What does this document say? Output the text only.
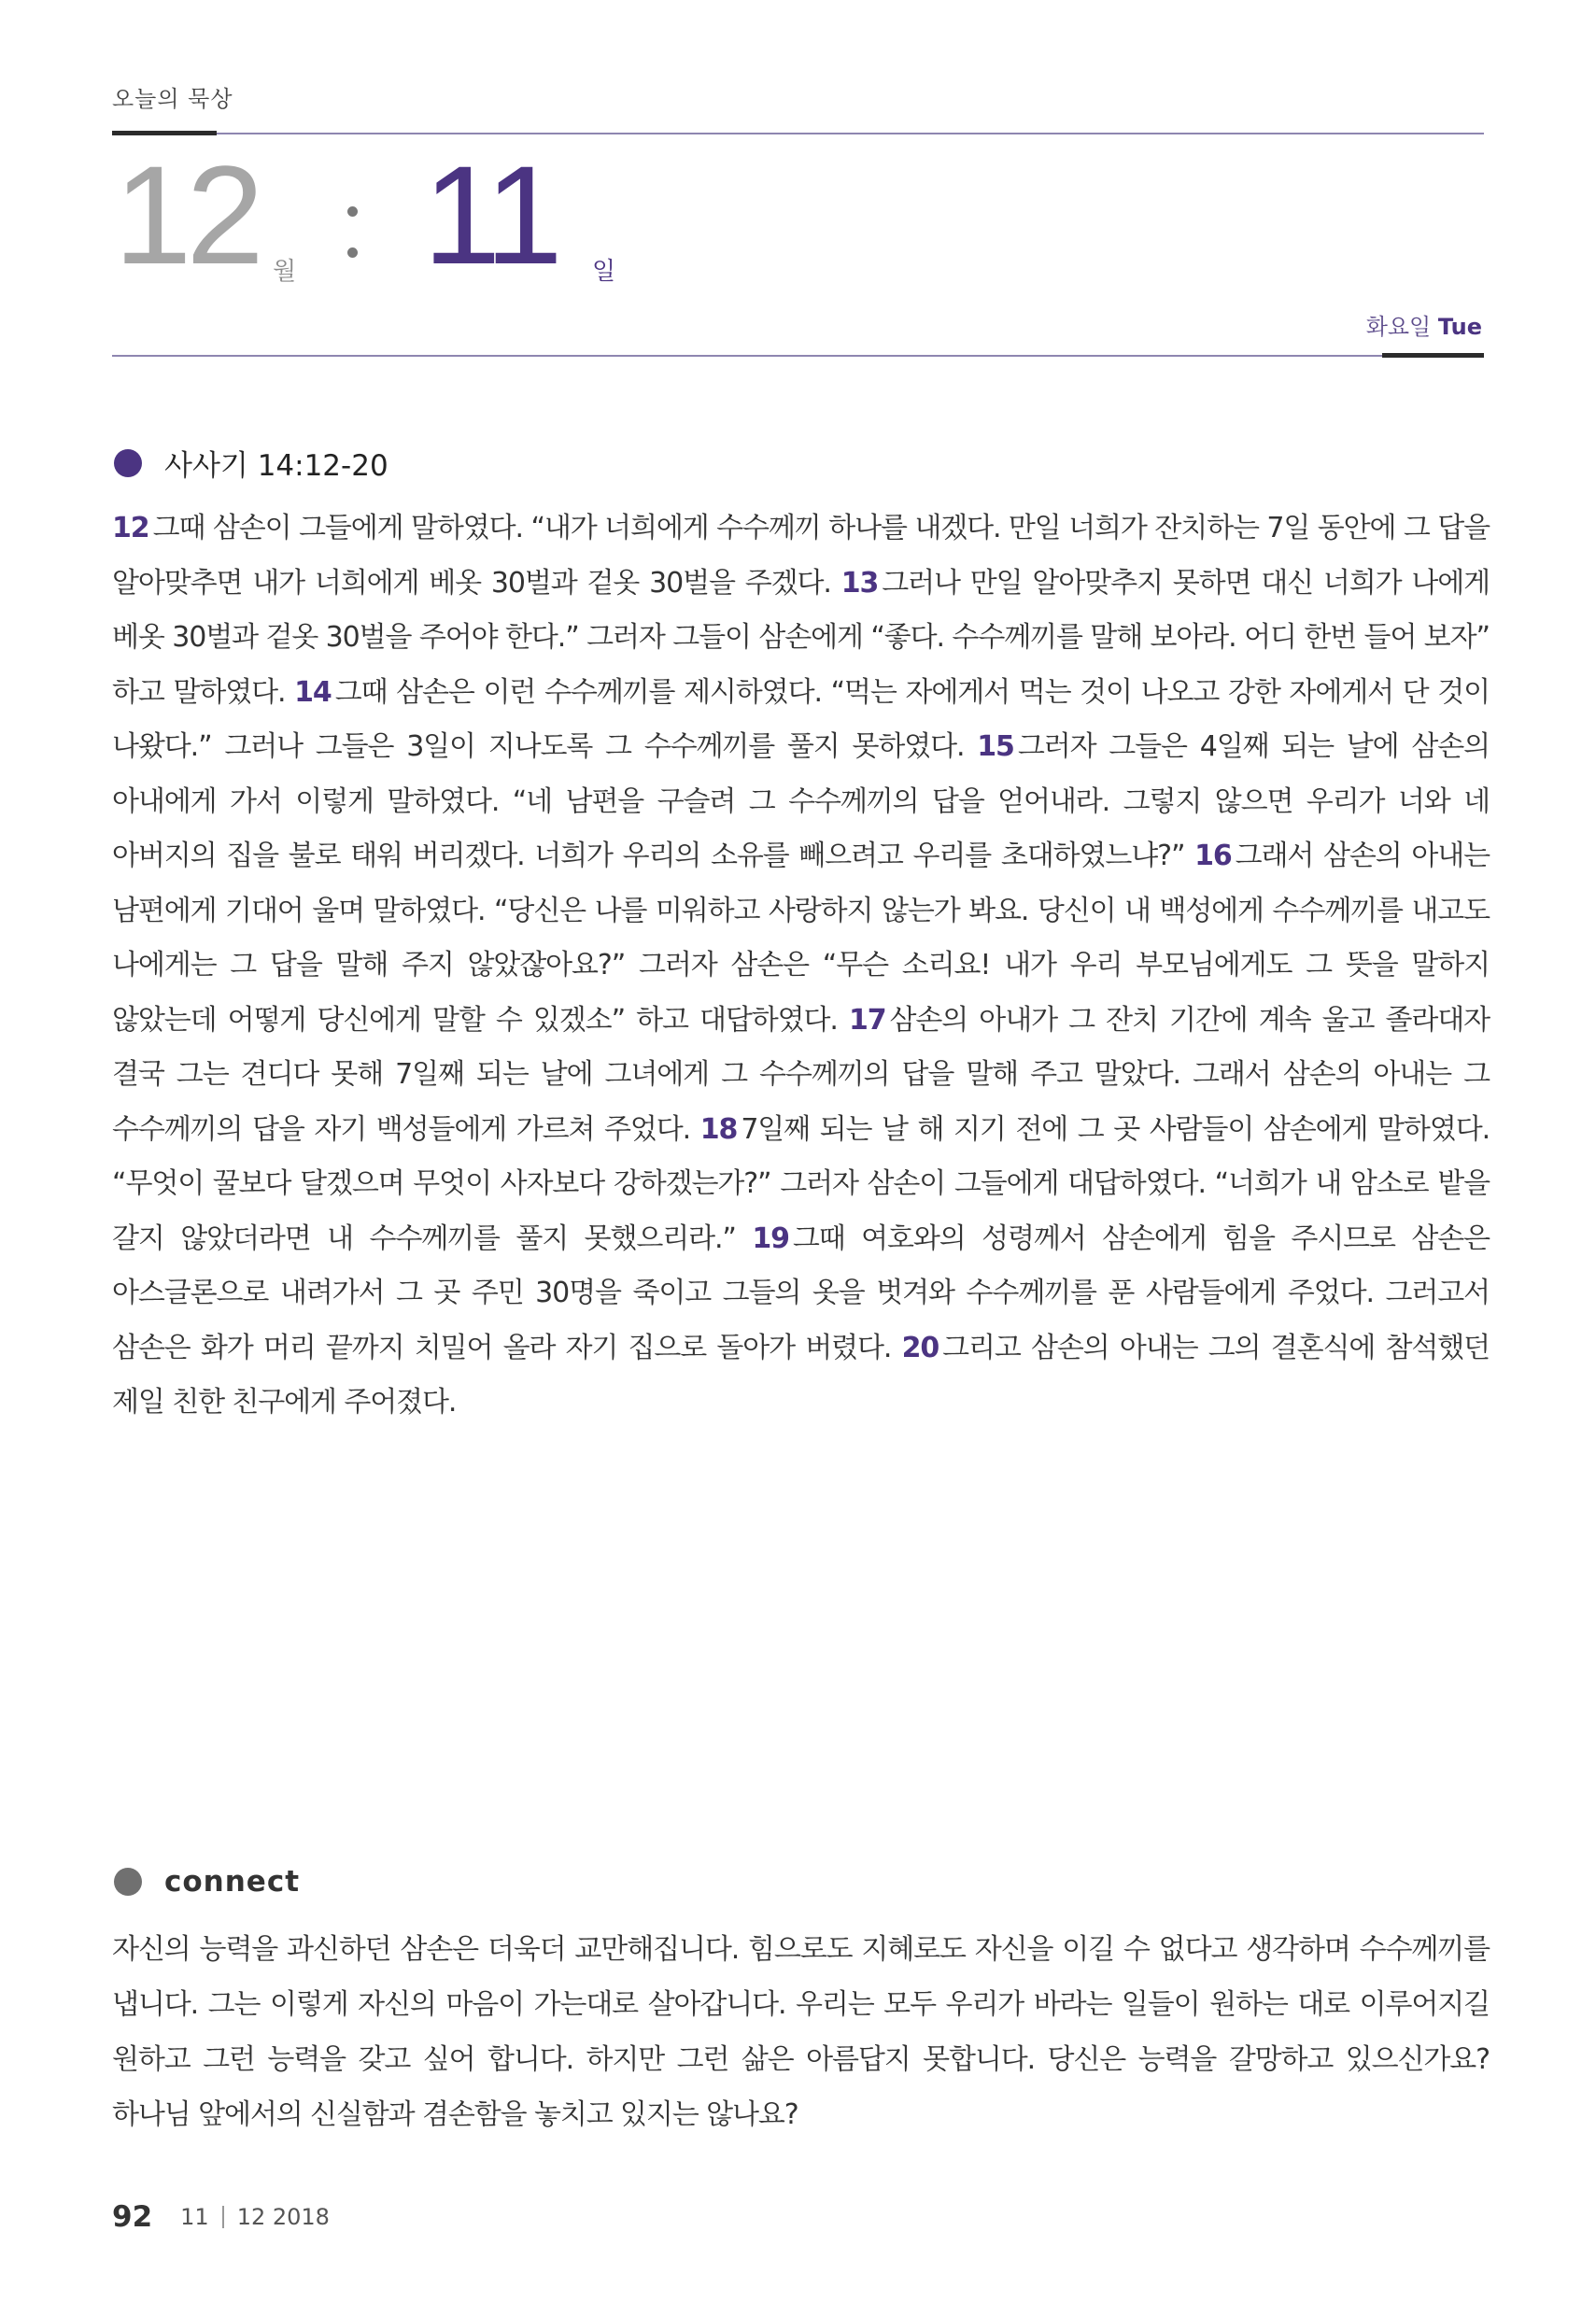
오늘의 묵상
12 월 11 일
화요일 Tue
사사기 14:12-20
12 그때 삼손이 그들에게 말하였다. “내가 너희에게 수수께끼 하나를 내겠다. 만일 너희가 잔치하는 7일 동안에 그 답을 알아맞추면 내가 너희에게 베옷 30벌과 겉옷 30벌을 주겠다. 13 그러나 만일 알아맞추지 못하면 대신 너희가 나에게 베옷 30벌과 겉옷 30벌을 주어야 한다.” 그러자 그들이 삼손에게 “좋다. 수수께끼를 말해 보아라. 어디 한번 들어 보자” 하고 말하였다. 14 그때 삼손은 이런 수수께끼를 제시하였다. “먹는 자에게서 먹는 것이 나오고 강한 자에게서 단 것이 나왔다.” 그러나 그들은 3일이 지나도록 그 수수께끼를 풀지 못하였다. 15 그러자 그들은 4일째 되는 날에 삼손의 아내에게 가서 이렇게 말하였다. “네 남편을 구슬려 그 수수께끼의 답을 얻어내라. 그렇지 않으면 우리가 너와 네 아버지의 집을 불로 태워 버리겠다. 너희가 우리의 소유를 빼으려고 우리를 초대하였느냐?” 16 그래서 삼손의 아내는 남편에게 기대어 울며 말하였다. “당신은 나를 미워하고 사랑하지 않는가 봐요. 당신이 내 백성에게 수수께끼를 내고도 나에게는 그 답을 말해 주지 않았잖아요?” 그러자 삼손은 “무슨 소리요! 내가 우리 부모님에게도 그 뜻을 말하지 않았는데 어떻게 당신에게 말할 수 있겠소” 하고 대답하였다. 17 삼손의 아내가 그 잔치 기간에 계속 울고 졸라대자 결국 그는 견디다 못해 7일째 되는 날에 그녀에게 그 수수께끼의 답을 말해 주고 말았다. 그래서 삼손의 아내는 그 수수께끼의 답을 자기 백성들에게 가르쳐 주었다. 18 7일째 되는 날 해 지기 전에 그 곳 사람들이 삼손에게 말하였다. “무엇이 꿀보다 달겠으며 무엇이 사자보다 강하겠는가?” 그러자 삼손이 그들에게 대답하였다. “너희가 내 암소로 밭을 갈지 않았더라면 내 수수께끼를 풀지 못했으리라.” 19 그때 여호와의 성령께서 삼손에게 힘을 주시므로 삼손은 아스글론으로 내려가서 그 곳 주민 30명을 죽이고 그들의 옷을 벗겨와 수수께끼를 푼 사람들에게 주었다. 그러고서 삼손은 화가 머리 끝까지 치밀어 올라 자기 집으로 돌아가 버렸다. 20 그리고 삼손의 아내는 그의 결혼식에 참석했던 제일 친한 친구에게 주어졌다.
connect
자신의 능력을 과신하던 삼손은 더욱더 교만해집니다. 힘으로도 지혜로도 자신을 이길 수 없다고 생각하며 수수께끼를 냅니다. 그는 이렇게 자신의 마음이 가는대로 살아갑니다. 우리는 모두 우리가 바라는 일들이 원하는 대로 이루어지길 원하고 그런 능력을 갖고 싶어 합니다. 하지만 그런 삶은 아름답지 못합니다. 당신은 능력을 갈망하고 있으신가요? 하나님 앞에서의 신실함과 겸손함을 놓치고 있지는 않나요?
92 11 12 2018
